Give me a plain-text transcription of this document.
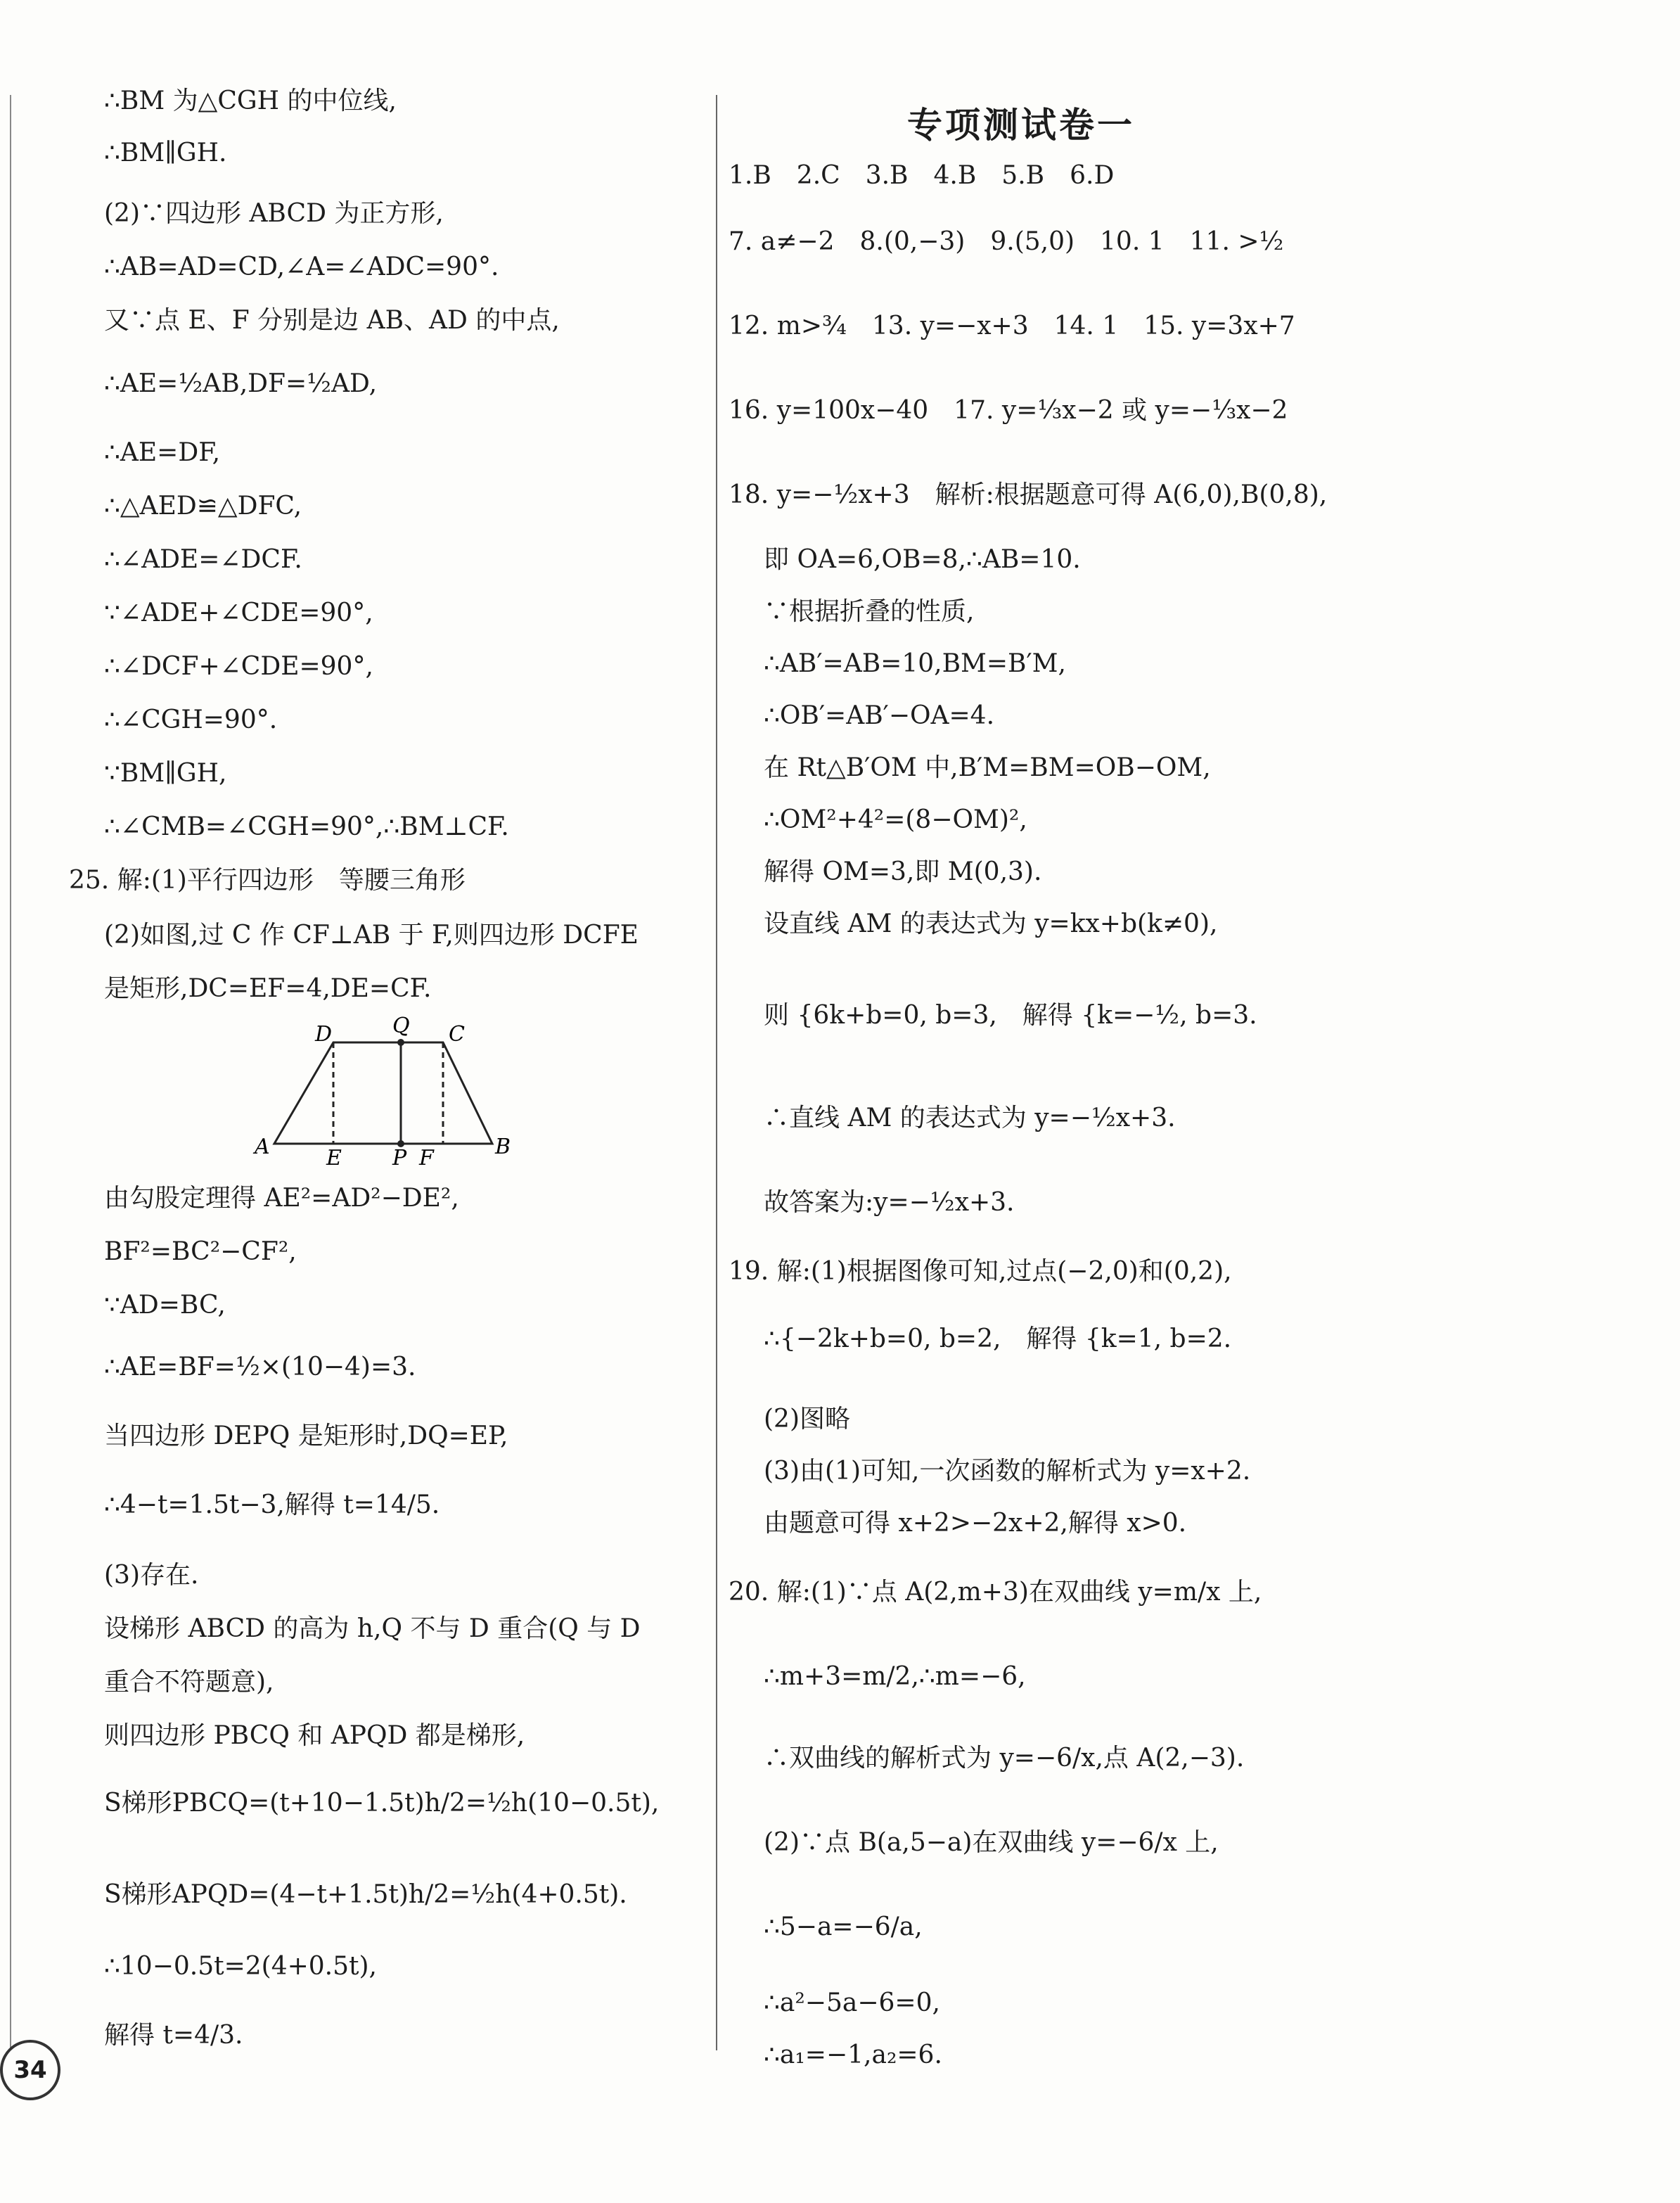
∴BM 为△CGH 的中位线,
∴BM∥GH.
(2)∵四边形 ABCD 为正方形,
∴AB=AD=CD,∠A=∠ADC=90°.
又∵点 E、F 分别是边 AB、AD 的中点,
∴AE=½AB,DF=½AD,
∴AE=DF,
∴△AED≌△DFC,
∴∠ADE=∠DCF.
∵∠ADE+∠CDE=90°,
∴∠DCF+∠CDE=90°,
∴∠CGH=90°.
∵BM∥GH,
∴∠CMB=∠CGH=90°,∴BM⊥CF.
25. 解:(1)平行四边形　等腰三角形
(2)如图,过 C 作 CF⊥AB 于 F,则四边形 DCFE
是矩形,DC=EF=4,DE=CF.
由勾股定理得 AE²=AD²−DE²,
BF²=BC²−CF²,
∵AD=BC,
∴AE=BF=½×(10−4)=3.
当四边形 DEPQ 是矩形时,DQ=EP,
∴4−t=1.5t−3,解得 t=14/5.
(3)存在.
设梯形 ABCD 的高为 h,Q 不与 D 重合(Q 与 D
重合不符题意),
则四边形 PBCQ 和 APQD 都是梯形,
S梯形PBCQ=(t+10−1.5t)h/2=½h(10−0.5t),
S梯形APQD=(4−t+1.5t)h/2=½h(4+0.5t).
∴10−0.5t=2(4+0.5t),
解得 t=4/3.
专项测试卷一
1.B　2.C　3.B　4.B　5.B　6.D
7. a≠−2　8.(0,−3)　9.(5,0)　10. 1　11. >½
12. m>¾　13. y=−x+3　14. 1　15. y=3x+7
16. y=100x−40　17. y=⅓x−2 或 y=−⅓x−2
18. y=−½x+3　解析:根据题意可得 A(6,0),B(0,8),
即 OA=6,OB=8,∴AB=10.
∵根据折叠的性质,
∴AB′=AB=10,BM=B′M,
∴OB′=AB′−OA=4.
在 Rt△B′OM 中,B′M=BM=OB−OM,
∴OM²+4²=(8−OM)²,
解得 OM=3,即 M(0,3).
设直线 AM 的表达式为 y=kx+b(k≠0),
则 {6k+b=0, b=3,　解得 {k=−½, b=3.
∴直线 AM 的表达式为 y=−½x+3.
故答案为:y=−½x+3.
19. 解:(1)根据图像可知,过点(−2,0)和(0,2),
∴{−2k+b=0, b=2,　解得 {k=1, b=2.
(2)图略
(3)由(1)可知,一次函数的解析式为 y=x+2.
由题意可得 x+2>−2x+2,解得 x>0.
20. 解:(1)∵点 A(2,m+3)在双曲线 y=m/x 上,
∴m+3=m/2,∴m=−6,
∴双曲线的解析式为 y=−6/x,点 A(2,−3).
(2)∵点 B(a,5−a)在双曲线 y=−6/x 上,
∴5−a=−6/a,
∴a²−5a−6=0,
∴a₁=−1,a₂=6.
D	Q C
A	E P F	B
34
